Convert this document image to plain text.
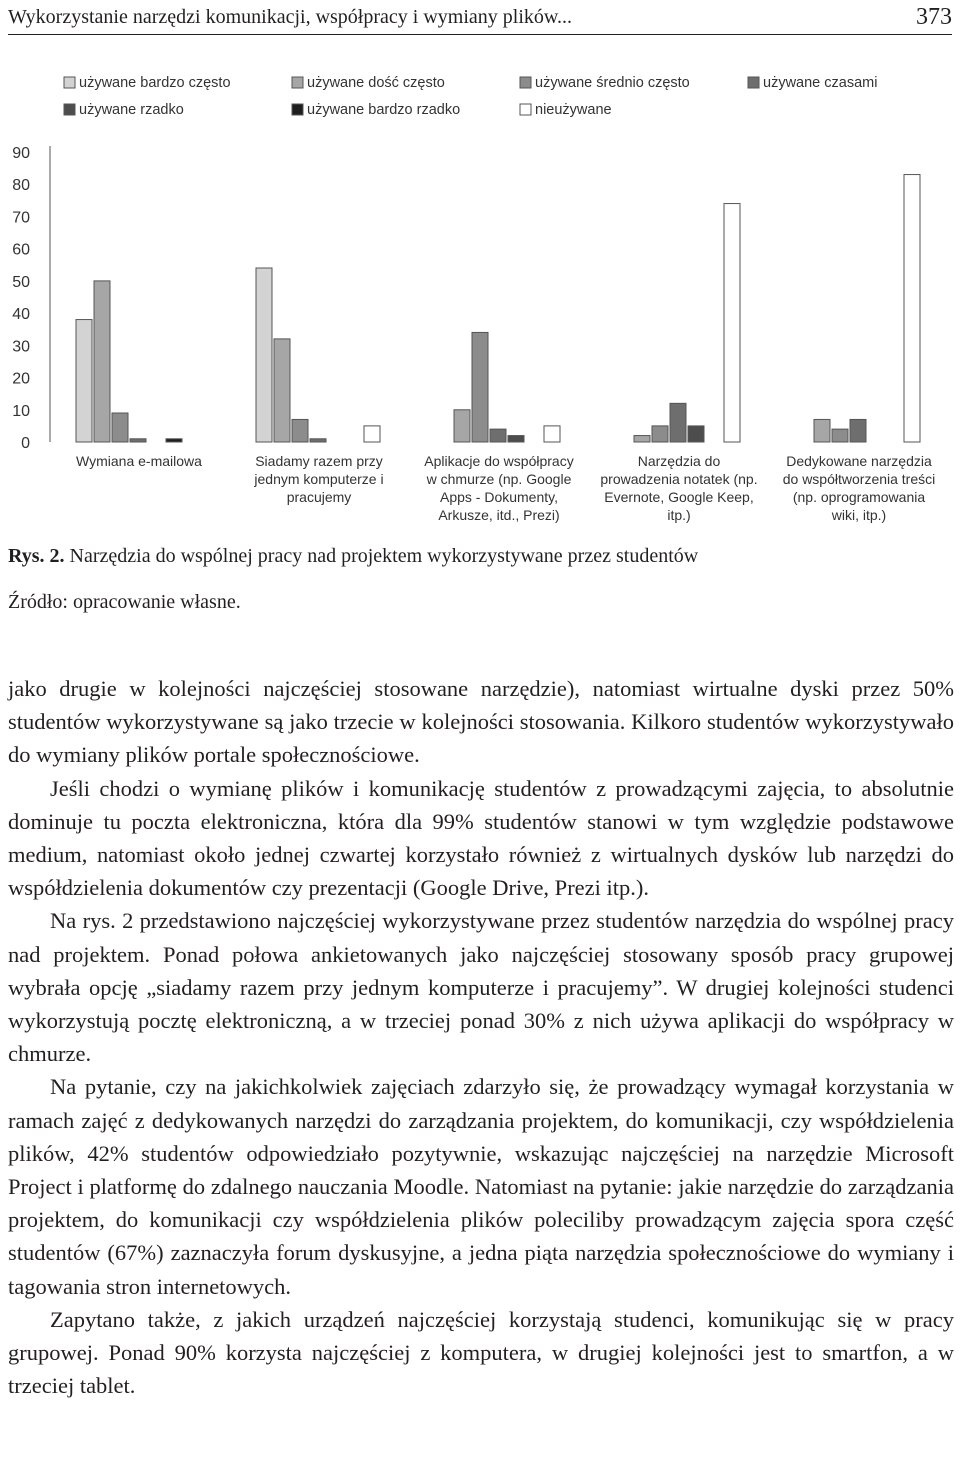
Wykorzystanie narzędzi komunikacji, współpracy i wymiany plików...	373
używane bardzo często	używane dość często	używane średnio często	używane czasami
używane rzadko	używane bardzo rzadko	nieużywane
0
10
20
30
40
50
60
70
80
90
Wymiana e-mailowa	Siadamy razem przy
jednym komputerze i
pracujemy
Aplikacje do współpracy
w chmurze (np. Google
Apps - Dokumenty,
Arkusze, itd., Prezi)
Narzędzia do
prowadzenia notatek (np.
Evernote, Google Keep,
itp.)
Dedykowane narzędzia
do współtworzenia treści
(np. oprogramowania
wiki, itp.)
Rys. 2. Narzędzia do wspólnej pracy nad projektem wykorzystywane przez studentów
Źródło: opracowanie własne.

jako drugie w kolejności najczęściej stosowane narzędzie), natomiast wirtualne dyski przez 50% studentów wykorzystywane są jako trzecie w kolejności stosowania. Kilkoro studentów wykorzystywało do wymiany plików portale społecznościowe.

Jeśli chodzi o wymianę plików i komunikację studentów z prowadzącymi zajęcia, to absolutnie dominuje tu poczta elektroniczna, która dla 99% studentów stanowi w tym względzie podstawowe medium, natomiast około jednej czwartej korzystało również z wirtualnych dysków lub narzędzi do współdzielenia dokumentów czy prezentacji (Google Drive, Prezi itp.).

Na rys. 2 przedstawiono najczęściej wykorzystywane przez studentów narzędzia do wspólnej pracy nad projektem. Ponad połowa ankietowanych jako najczęściej stosowany sposób pracy grupowej wybrała opcję „siadamy razem przy jednym komputerze i pracujemy”. W drugiej kolejności studenci wykorzystują pocztę elektroniczną, a w trzeciej ponad 30% z nich używa aplikacji do współpracy w chmurze.

Na pytanie, czy na jakichkolwiek zajęciach zdarzyło się, że prowadzący wymagał korzystania w ramach zajęć z dedykowanych narzędzi do zarządzania projektem, do komunikacji, czy współdzielenia plików, 42% studentów odpowiedziało pozytywnie, wskazując najczęściej na narzędzie Microsoft Project i platformę do zdalnego nauczania Moodle. Natomiast na pytanie: jakie narzędzie do zarządzania projektem, do komunikacji czy współdzielenia plików poleciliby prowadzącym zajęcia spora część studentów (67%) zaznaczyła forum dyskusyjne, a jedna piąta narzędzia społecznościowe do wymiany i tagowania stron internetowych.

Zapytano także, z jakich urządzeń najczęściej korzystają studenci, komunikując się w pracy grupowej. Ponad 90% korzysta najczęściej z komputera, w drugiej kolejności jest to smartfon, a w trzeciej tablet.
